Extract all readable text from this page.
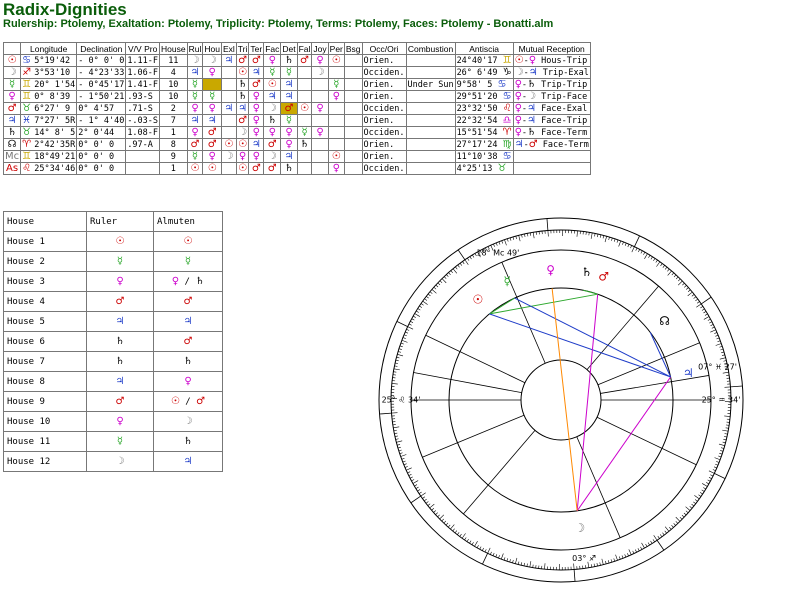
Radix-Dignities
Rulership: Ptolemy, Exaltation: Ptolemy, Triplicity: Ptolemy, Terms: Ptolemy, Faces: Ptolemy - Bonatti.alm
	Longitude	Declination	V/V Pro	House	Rul	Hou	Exl	Tri	Ter	Fac	Det	Fal	Joy	Per	Bsg	Occ/Ori	Combustion	Antiscia	Mutual Reception
☉	♋ 5°19'42	- 0° 0' 0	1.11-F	11	☽	☽	♃	♂	♂	♀	♄	♂	♀	☉		Orien.		24°40'17 ♊	☉-♀ Hous-Trip
☽	♐ 3°53'10	- 4°23'33	1.06-F	4	♃	♀		☉	♃	☿	☿		☽			Occiden.		26° 6'49 ♑	☽-♃ Trip-Exal
☿	♊ 20° 1'54	- 0°45'17	1.41-F	10	☿			♄	♂	☉	♃			☿		Orien.	Under Sun	9°58' 5 ♋	♀-♄ Trip-Trip
♀	♊ 0° 8'39	- 1°50'21	.93-S	10	☿	☿		♄	♀	♃	♃			♀		Orien.		29°51'20 ♋	♀-☽ Trip-Face
♂	♉ 6°27' 9	0° 4'57	.71-S	2	♀	♀	♃	♃	♀	☽	♂	☉	♀			Occiden.		23°32'50 ♌	♀-♃ Face-Exal
♃	♓ 7°27' 5R	- 1° 4'40	-.03-S	7	♃	♃		♂	♀	♄	☿					Orien.		22°32'54 ♎	♀-♃ Face-Trip
♄	♉ 14° 8' 5	2° 0'44	1.08-F	1	♀	♂		☽	♀	♀	♀	☿	♀			Occiden.		15°51'54 ♈	♀-♄ Face-Term
☊	♈ 2°42'35R	0° 0' 0	.97-A	8	♂	♂	☉	☉	♃	♂	♀	♄				Orien.		27°17'24 ♍	♃-♂ Face-Term
Mc	♊ 18°49'21	0° 0' 0		9	☿	♀	☽	♀	♀	☽	♃			☉		Orien.		11°10'38 ♋	
As	♌ 25°34'46	0° 0' 0		1	☉	☉		☉	♂	♂	♄			♀		Occiden.		4°25'13 ♉	
House	Ruler	Almuten
House 1	☉	☉
House 2	☿	☿
House 3	♀	♀ / ♄
House 4	♂	♂
House 5	♃	♃
House 6	♄	♂
House 7	♄	♄
House 8	♃	♀
House 9	♂	☉ / ♂
House 10	♀	☽
House 11	☿	♄
House 12	☽	♃
☉
☽
☿
♀	♂
♃
♄
☊
25° ♌ 34'
03° ♐
07° ♓ 27'
25° ♒ 34'
18° Mc 49'
